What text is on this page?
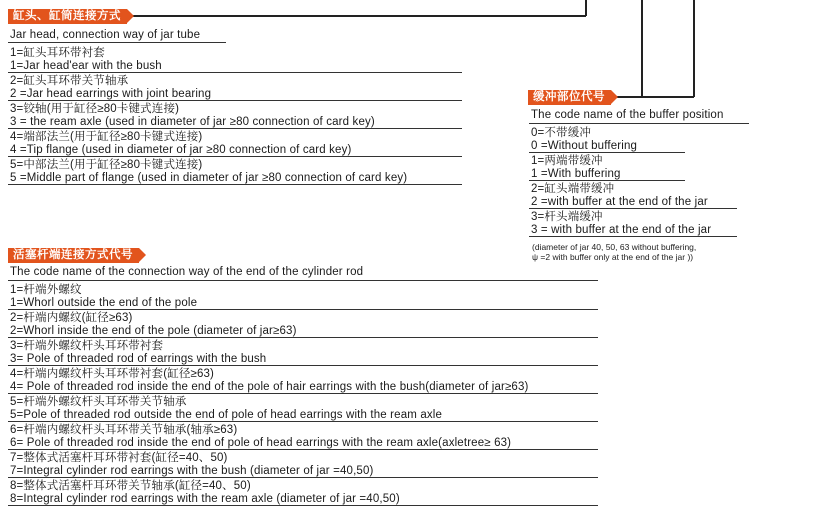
缸头、缸筒连接方式
Jar head, connection way of jar tube
1=缸头耳环带衬套
1=Jar head'ear with the bush
2=缸头耳环带关节轴承
2 =Jar head earrings with joint bearing
3=铰轴(用于缸径≥80卡键式连接)
3 = the ream axle (used in diameter of jar ≥80 connection of card key)
4=端部法兰(用于缸径≥80卡键式连接)
4 =Tip flange (used in diameter of jar ≥80 connection of card key)
5=中部法兰(用于缸径≥80卡键式连接)
5 =Middle part of flange (used in diameter of jar ≥80 connection of card key)
缓冲部位代号
The code name of the buffer position
0=不带缓冲
0 =Without buffering
1=两端带缓冲
1 =With buffering
2=缸头端带缓冲
2 =with buffer at the end of the jar
3=杆头端缓冲
3 = with buffer at the end of the jar
(diameter of jar 40, 50, 63 without buffering,
ψ =2 with buffer only at the end of the jar ))
活塞杆端连接方式代号
The code name of the connection way of the end of the cylinder rod
1=杆端外螺纹
1=Whorl outside the end of the pole
2=杆端内螺纹(缸径≥63)
2=Whorl inside the end of the pole (diameter of jar≥63)
3=杆端外螺纹杆头耳环带衬套
3= Pole of threaded rod of earrings with the bush
4=杆端内螺纹杆头耳环带衬套(缸径≥63)
4= Pole of threaded rod inside the end of the pole of hair earrings with the bush(diameter of jar≥63)
5=杆端外螺纹杆头耳环带关节轴承
5=Pole of threaded rod outside the end of pole of head earrings with the ream axle
6=杆端内螺纹杆头耳环带关节轴承(轴承≥63)
6= Pole of threaded rod inside the end of pole of head earrings with the ream axle(axletree≥ 63)
7=整体式活塞杆耳环带衬套(缸径=40、50)
7=Integral cylinder rod earrings with the bush (diameter of jar =40,50)
8=整体式活塞杆耳环带关节轴承(缸径=40、50)
8=Integral cylinder rod earrings with the ream axle (diameter of jar =40,50)
